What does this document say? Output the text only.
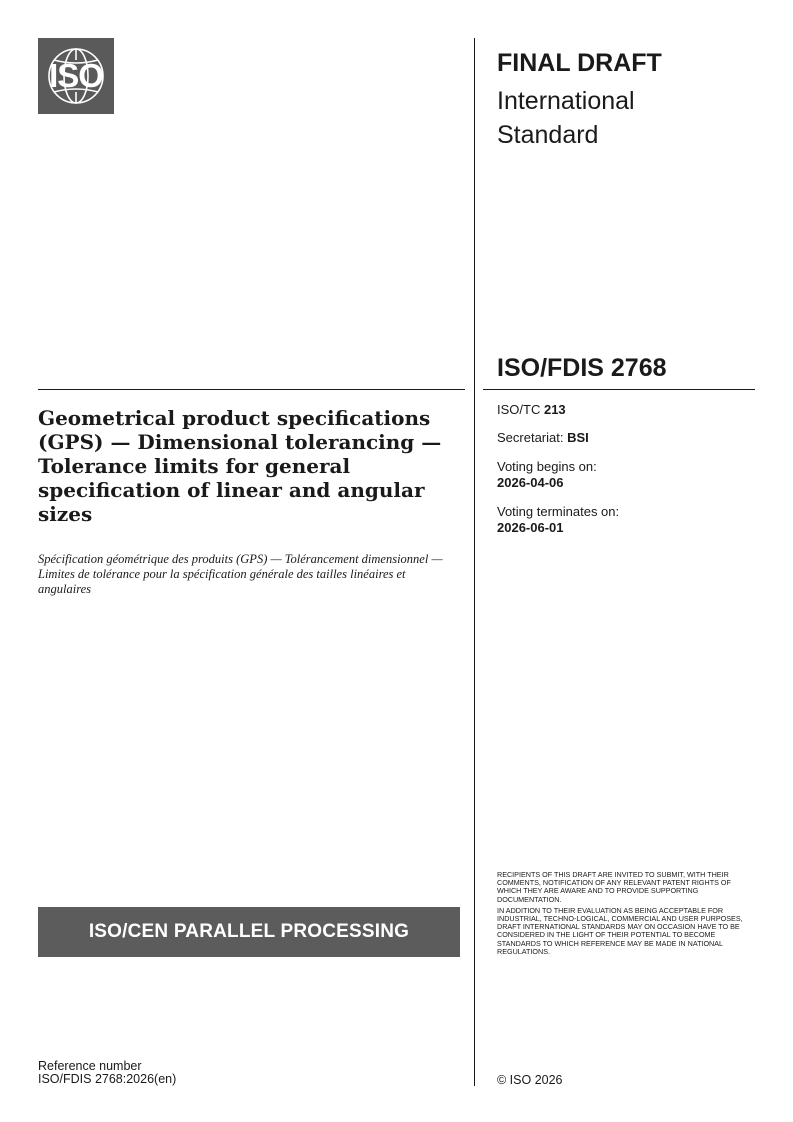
ISO	FINAL DRAFT
International
Standard
ISO/FDIS 2768
ISO/TC 213
Secretariat: BSI
Voting begins on:
2026-04-06
Voting terminates on:
2026-06-01
Geometrical product specifications (GPS) — Dimensional tolerancing — Tolerance limits for general specification of linear and angular sizes
Spécification géométrique des produits (GPS) — Tolérancement dimensionnel — Limites de tolérance pour la spécification générale des tailles linéaires et angulaires
ISO/CEN PARALLEL PROCESSING

RECIPIENTS OF THIS DRAFT ARE INVITED TO SUBMIT, WITH THEIR COMMENTS, NOTIFICATION OF ANY RELEVANT PATENT RIGHTS OF WHICH THEY ARE AWARE AND TO PROVIDE SUPPORTING DOCUMENTATION.

IN ADDITION TO THEIR EVALUATION AS BEING ACCEPTABLE FOR INDUSTRIAL, TECHNO-LOGICAL, COMMERCIAL AND USER PURPOSES, DRAFT INTERNATIONAL STANDARDS MAY ON OCCASION HAVE TO BE CONSIDERED IN THE LIGHT OF THEIR POTENTIAL TO BECOME STANDARDS TO WHICH REFERENCE MAY BE MADE IN NATIONAL REGULATIONS.

Reference number
ISO/FDIS 2768:2026(en)	© ISO 2026
